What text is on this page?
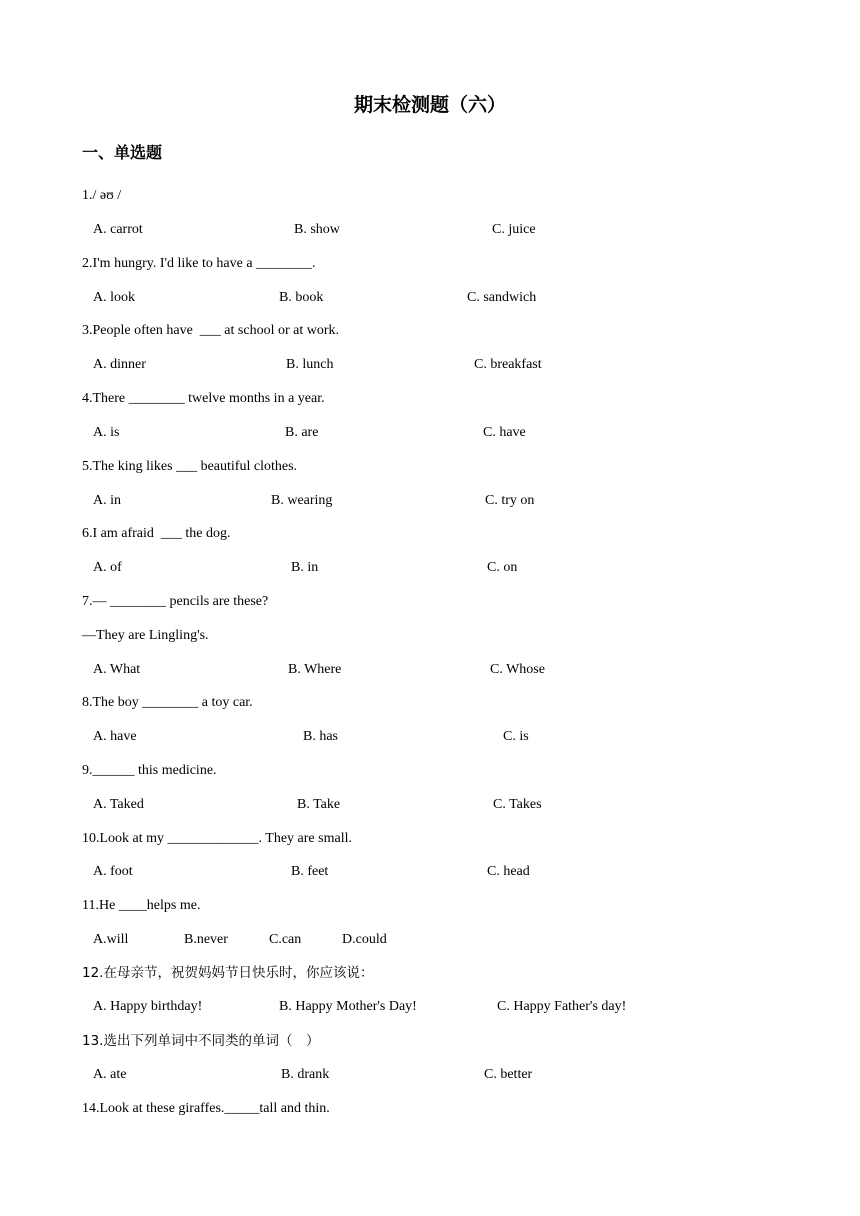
期末检测题（六）
一、单选题
1./ əʊ /
A. carrot	B. show	C. juice
2.I'm hungry. I'd like to have a ________.
A. look	B. book	C. sandwich
3.People often have  ___ at school or at work.
A. dinner	B. lunch	C. breakfast
4.There ________ twelve months in a year.
A. is	B. are	C. have
5.The king likes ___ beautiful clothes.
A. in	B. wearing	C. try on
6.I am afraid  ___ the dog.
A. of	B. in	C. on
7.— ________ pencils are these?
—They are Lingling's.
A. What	B. Where	C. Whose
8.The boy ________ a toy car.
A. have	B. has	C. is
9.______ this medicine.
A. Taked	B. Take	C. Takes
10.Look at my _____________. They are small.
A. foot	B. feet	C. head
11.He ____helps me.
A.will	B.never	C.can	D.could
12.在母亲节，祝贺妈妈节日快乐时，你应该说：
A. Happy birthday!	B. Happy Mother's Day!	C. Happy Father's day!
13.选出下列单词中不同类的单词（　）
A. ate	B. drank	C. better
14.Look at these giraffes._____tall and thin.
